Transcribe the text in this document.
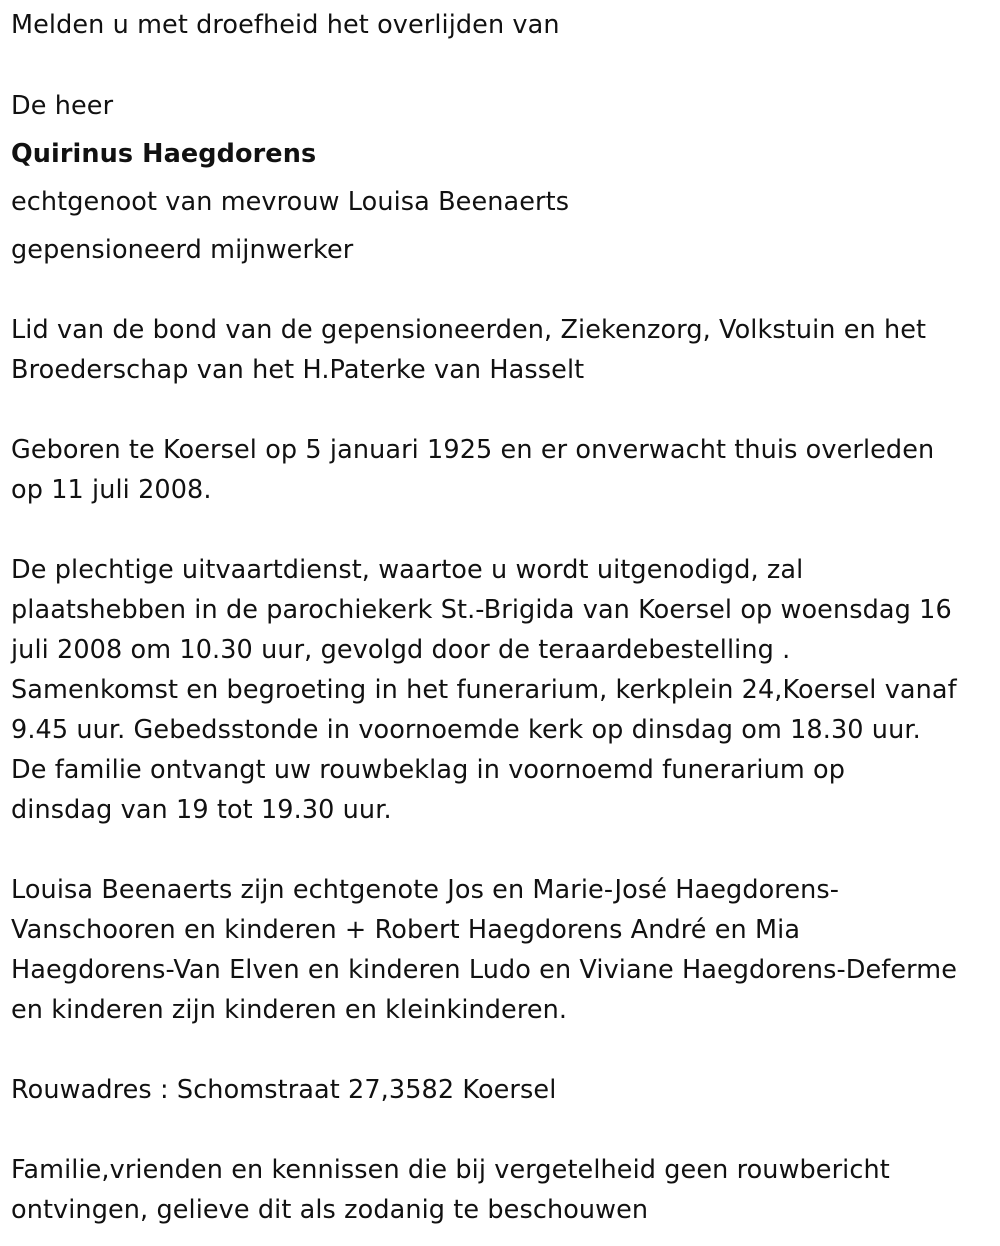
Melden u met droefheid het overlijden van
De heer
Quirinus Haegdorens
echtgenoot van mevrouw Louisa Beenaerts
gepensioneerd mijnwerker
Lid van de bond van de gepensioneerden, Ziekenzorg, Volkstuin en het
Broederschap van het H.Paterke van Hasselt
Geboren te Koersel op 5 januari 1925 en er onverwacht thuis overleden
op 11 juli 2008.
De plechtige uitvaartdienst, waartoe u wordt uitgenodigd, zal
plaatshebben in de parochiekerk St.-Brigida van Koersel op woensdag 16
juli 2008 om 10.30 uur, gevolgd door de teraardebestelling .
Samenkomst en begroeting in het funerarium, kerkplein 24,Koersel vanaf
9.45 uur. Gebedsstonde in voornoemde kerk op dinsdag om 18.30 uur.
De familie ontvangt uw rouwbeklag in voornoemd funerarium op
dinsdag van 19 tot 19.30 uur.
Louisa Beenaerts zijn echtgenote Jos en Marie-José Haegdorens-
Vanschooren en kinderen + Robert Haegdorens André en Mia
Haegdorens-Van Elven en kinderen Ludo en Viviane Haegdorens-Deferme
en kinderen zijn kinderen en kleinkinderen.
Rouwadres : Schomstraat 27,3582 Koersel
Familie,vrienden en kennissen die bij vergetelheid geen rouwbericht
ontvingen, gelieve dit als zodanig te beschouwen
